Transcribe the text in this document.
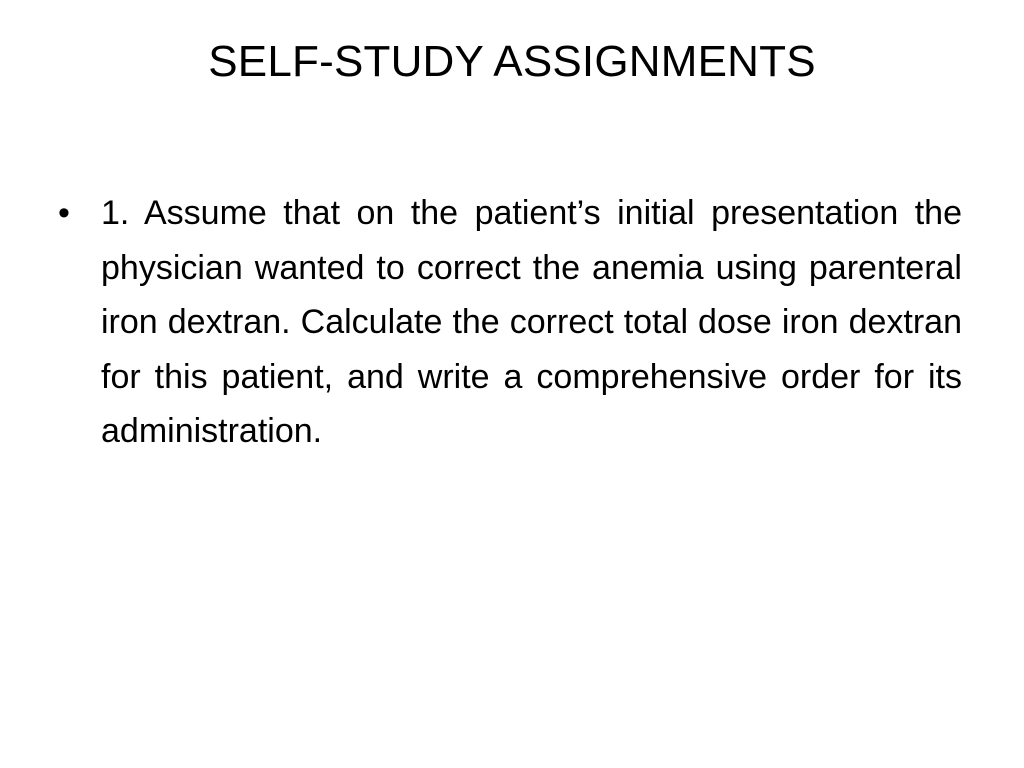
SELF-STUDY ASSIGNMENTS
• 1. Assume that on the patient’s initial presentation the physician wanted to correct the anemia using parenteral iron dextran. Calculate the correct total dose iron dextran for this patient, and write a comprehensive order for its administration.
